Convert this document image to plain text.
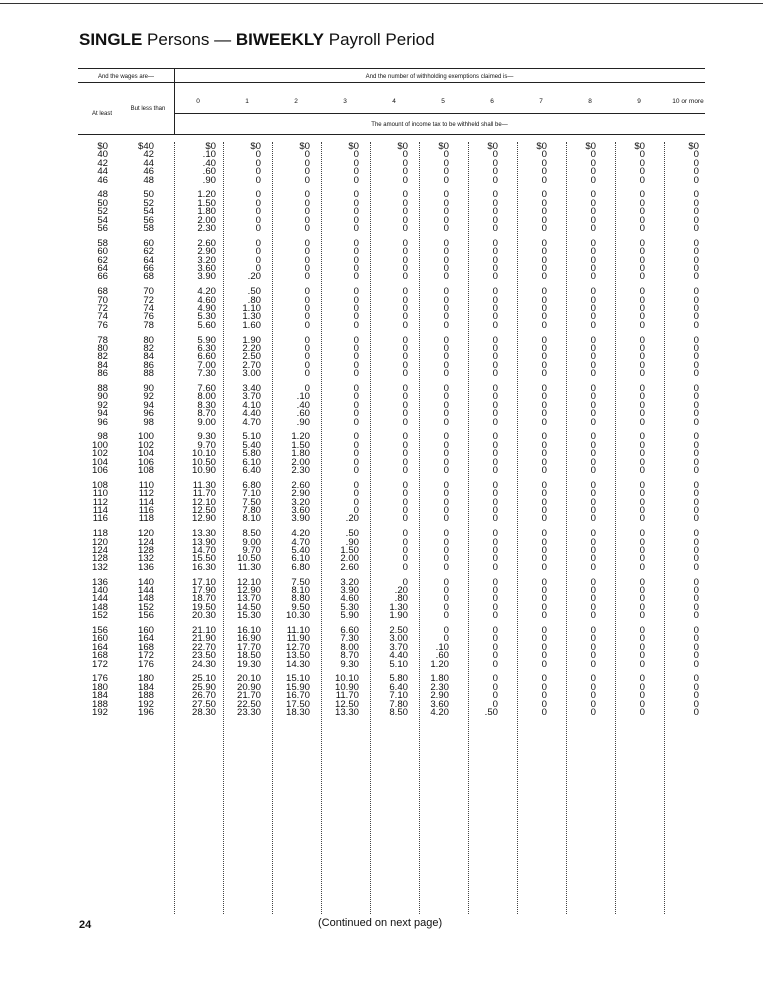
SINGLE Persons — BIWEEKLY Payroll Period
And the wages are—	And the number of withholding exemptions claimed is—
At least
But less than
The amount of income tax to be withheld shall be—
0	1	2	3	4	5	6	7	8	9	10 or more
$0	$40	$0	$0	$0	$0	$0	$0	$0	$0	$0	$0	$0
40	42	.10	0	0	0	0	0	0	0	0	0	0
42	44	.40	0	0	0	0	0	0	0	0	0	0
44	46	.60	0	0	0	0	0	0	0	0	0	0
46	48	.90	0	0	0	0	0	0	0	0	0	0
48	50	1.20	0	0	0	0	0	0	0	0	0	0
50	52	1.50	0	0	0	0	0	0	0	0	0	0
52	54	1.80	0	0	0	0	0	0	0	0	0	0
54	56	2.00	0	0	0	0	0	0	0	0	0	0
56	58	2.30	0	0	0	0	0	0	0	0	0	0
58	60	2.60	0	0	0	0	0	0	0	0	0	0
60	62	2.90	0	0	0	0	0	0	0	0	0	0
62	64	3.20	0	0	0	0	0	0	0	0	0	0
64	66	3.60	0	0	0	0	0	0	0	0	0	0
66	68	3.90	.20	0	0	0	0	0	0	0	0	0
68	70	4.20	.50	0	0	0	0	0	0	0	0	0
70	72	4.60	.80	0	0	0	0	0	0	0	0	0
72	74	4.90	1.10	0	0	0	0	0	0	0	0	0
74	76	5.30	1.30	0	0	0	0	0	0	0	0	0
76	78	5.60	1.60	0	0	0	0	0	0	0	0	0
78	80	5.90	1.90	0	0	0	0	0	0	0	0	0
80	82	6.30	2.20	0	0	0	0	0	0	0	0	0
82	84	6.60	2.50	0	0	0	0	0	0	0	0	0
84	86	7.00	2.70	0	0	0	0	0	0	0	0	0
86	88	7.30	3.00	0	0	0	0	0	0	0	0	0
88	90	7.60	3.40	0	0	0	0	0	0	0	0	0
90	92	8.00	3.70	.10	0	0	0	0	0	0	0	0
92	94	8.30	4.10	.40	0	0	0	0	0	0	0	0
94	96	8.70	4.40	.60	0	0	0	0	0	0	0	0
96	98	9.00	4.70	.90	0	0	0	0	0	0	0	0
98	100	9.30	5.10	1.20	0	0	0	0	0	0	0	0
100	102	9.70	5.40	1.50	0	0	0	0	0	0	0	0
102	104	10.10	5.80	1.80	0	0	0	0	0	0	0	0
104	106	10.50	6.10	2.00	0	0	0	0	0	0	0	0
106	108	10.90	6.40	2.30	0	0	0	0	0	0	0	0
108	110	11.30	6.80	2.60	0	0	0	0	0	0	0	0
110	112	11.70	7.10	2.90	0	0	0	0	0	0	0	0
112	114	12.10	7.50	3.20	0	0	0	0	0	0	0	0
114	116	12.50	7.80	3.60	0	0	0	0	0	0	0	0
116	118	12.90	8.10	3.90	.20	0	0	0	0	0	0	0
118	120	13.30	8.50	4.20	.50	0	0	0	0	0	0	0
120	124	13.90	9.00	4.70	.90	0	0	0	0	0	0	0
124	128	14.70	9.70	5.40	1.50	0	0	0	0	0	0	0
128	132	15.50	10.50	6.10	2.00	0	0	0	0	0	0	0
132	136	16.30	11.30	6.80	2.60	0	0	0	0	0	0	0
136	140	17.10	12.10	7.50	3.20	0	0	0	0	0	0	0
140	144	17.90	12.90	8.10	3.90	.20	0	0	0	0	0	0
144	148	18.70	13.70	8.80	4.60	.80	0	0	0	0	0	0
148	152	19.50	14.50	9.50	5.30	1.30	0	0	0	0	0	0
152	156	20.30	15.30	10.30	5.90	1.90	0	0	0	0	0	0
156	160	21.10	16.10	11.10	6.60	2.50	0	0	0	0	0	0
160	164	21.90	16.90	11.90	7.30	3.00	0	0	0	0	0	0
164	168	22.70	17.70	12.70	8.00	3.70	.10	0	0	0	0	0
168	172	23.50	18.50	13.50	8.70	4.40	.60	0	0	0	0	0
172	176	24.30	19.30	14.30	9.30	5.10	1.20	0	0	0	0	0
176	180	25.10	20.10	15.10	10.10	5.80	1.80	0	0	0	0	0
180	184	25.90	20.90	15.90	10.90	6.40	2.30	0	0	0	0	0
184	188	26.70	21.70	16.70	11.70	7.10	2.90	0	0	0	0	0
188	192	27.50	22.50	17.50	12.50	7.80	3.60	0	0	0	0	0
192	196	28.30	23.30	18.30	13.30	8.50	4.20	.50	0	0	0	0
24	(Continued on next page)
